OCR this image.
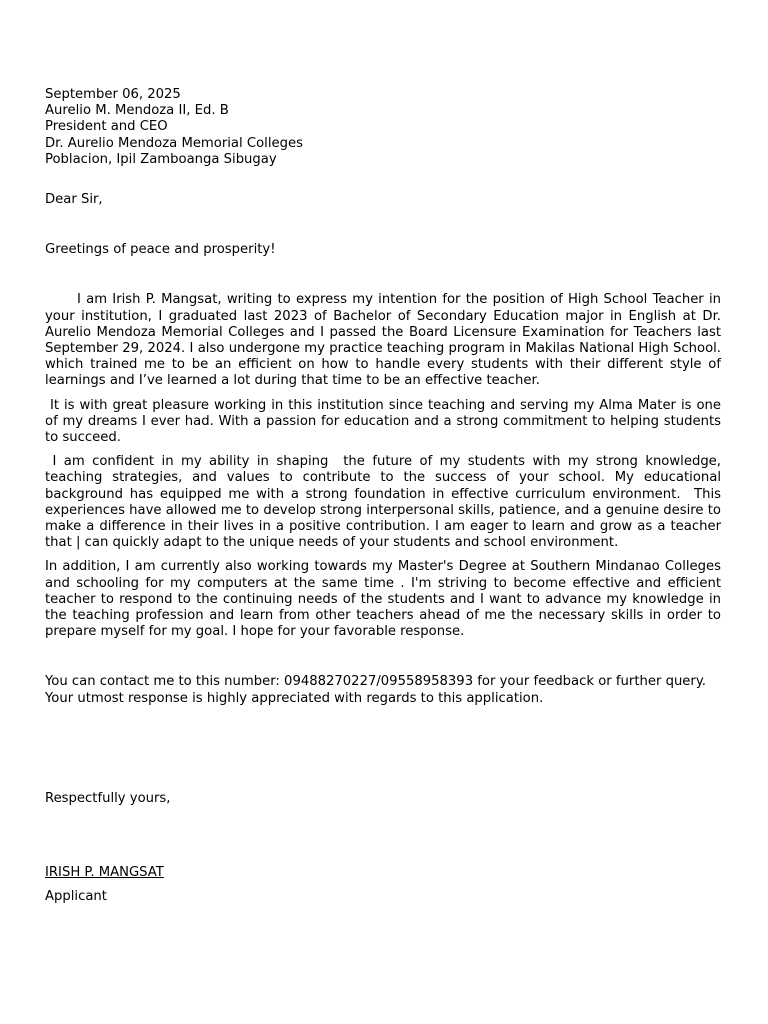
September 06, 2025
Aurelio M. Mendoza II, Ed. B
President and CEO
Dr. Aurelio Mendoza Memorial Colleges
Poblacion, Ipil Zamboanga Sibugay

Dear Sir,

Greetings of peace and prosperity!

I am Irish P. Mangsat, writing to express my intention for the position of High School Teacher in your institution, I graduated last 2023 of Bachelor of Secondary Education major in English at Dr. Aurelio Mendoza Memorial Colleges and I passed the Board Licensure Examination for Teachers last September 29, 2024. I also undergone my practice teaching program in Makilas National High School. which trained me to be an efficient on how to handle every students with their different style of learnings and I’ve learned a lot during that time to be an effective teacher.

It is with great pleasure working in this institution since teaching and serving my Alma Mater is one of my dreams I ever had. With a passion for education and a strong commitment to helping students to succeed.

I am confident in my ability in shaping  the future of my students with my strong knowledge, teaching strategies, and values to contribute to the success of your school. My educational background has equipped me with a strong foundation in effective curriculum environment.  This experiences have allowed me to develop strong interpersonal skills, patience, and a genuine desire to make a difference in their lives in a positive contribution. I am eager to learn and grow as a teacher that | can quickly adapt to the unique needs of your students and school environment.

In addition, I am currently also working towards my Master's Degree at Southern Mindanao Colleges and schooling for my computers at the same time . I'm striving to become effective and efficient teacher to respond to the continuing needs of the students and I want to advance my knowledge in the teaching profession and learn from other teachers ahead of me the necessary skills in order to prepare myself for my goal. I hope for your favorable response.

You can contact me to this number: 09488270227/09558958393 for your feedback or further query. Your utmost response is highly appreciated with regards to this application.

Respectfully yours,

IRISH P. MANGSAT

Applicant
